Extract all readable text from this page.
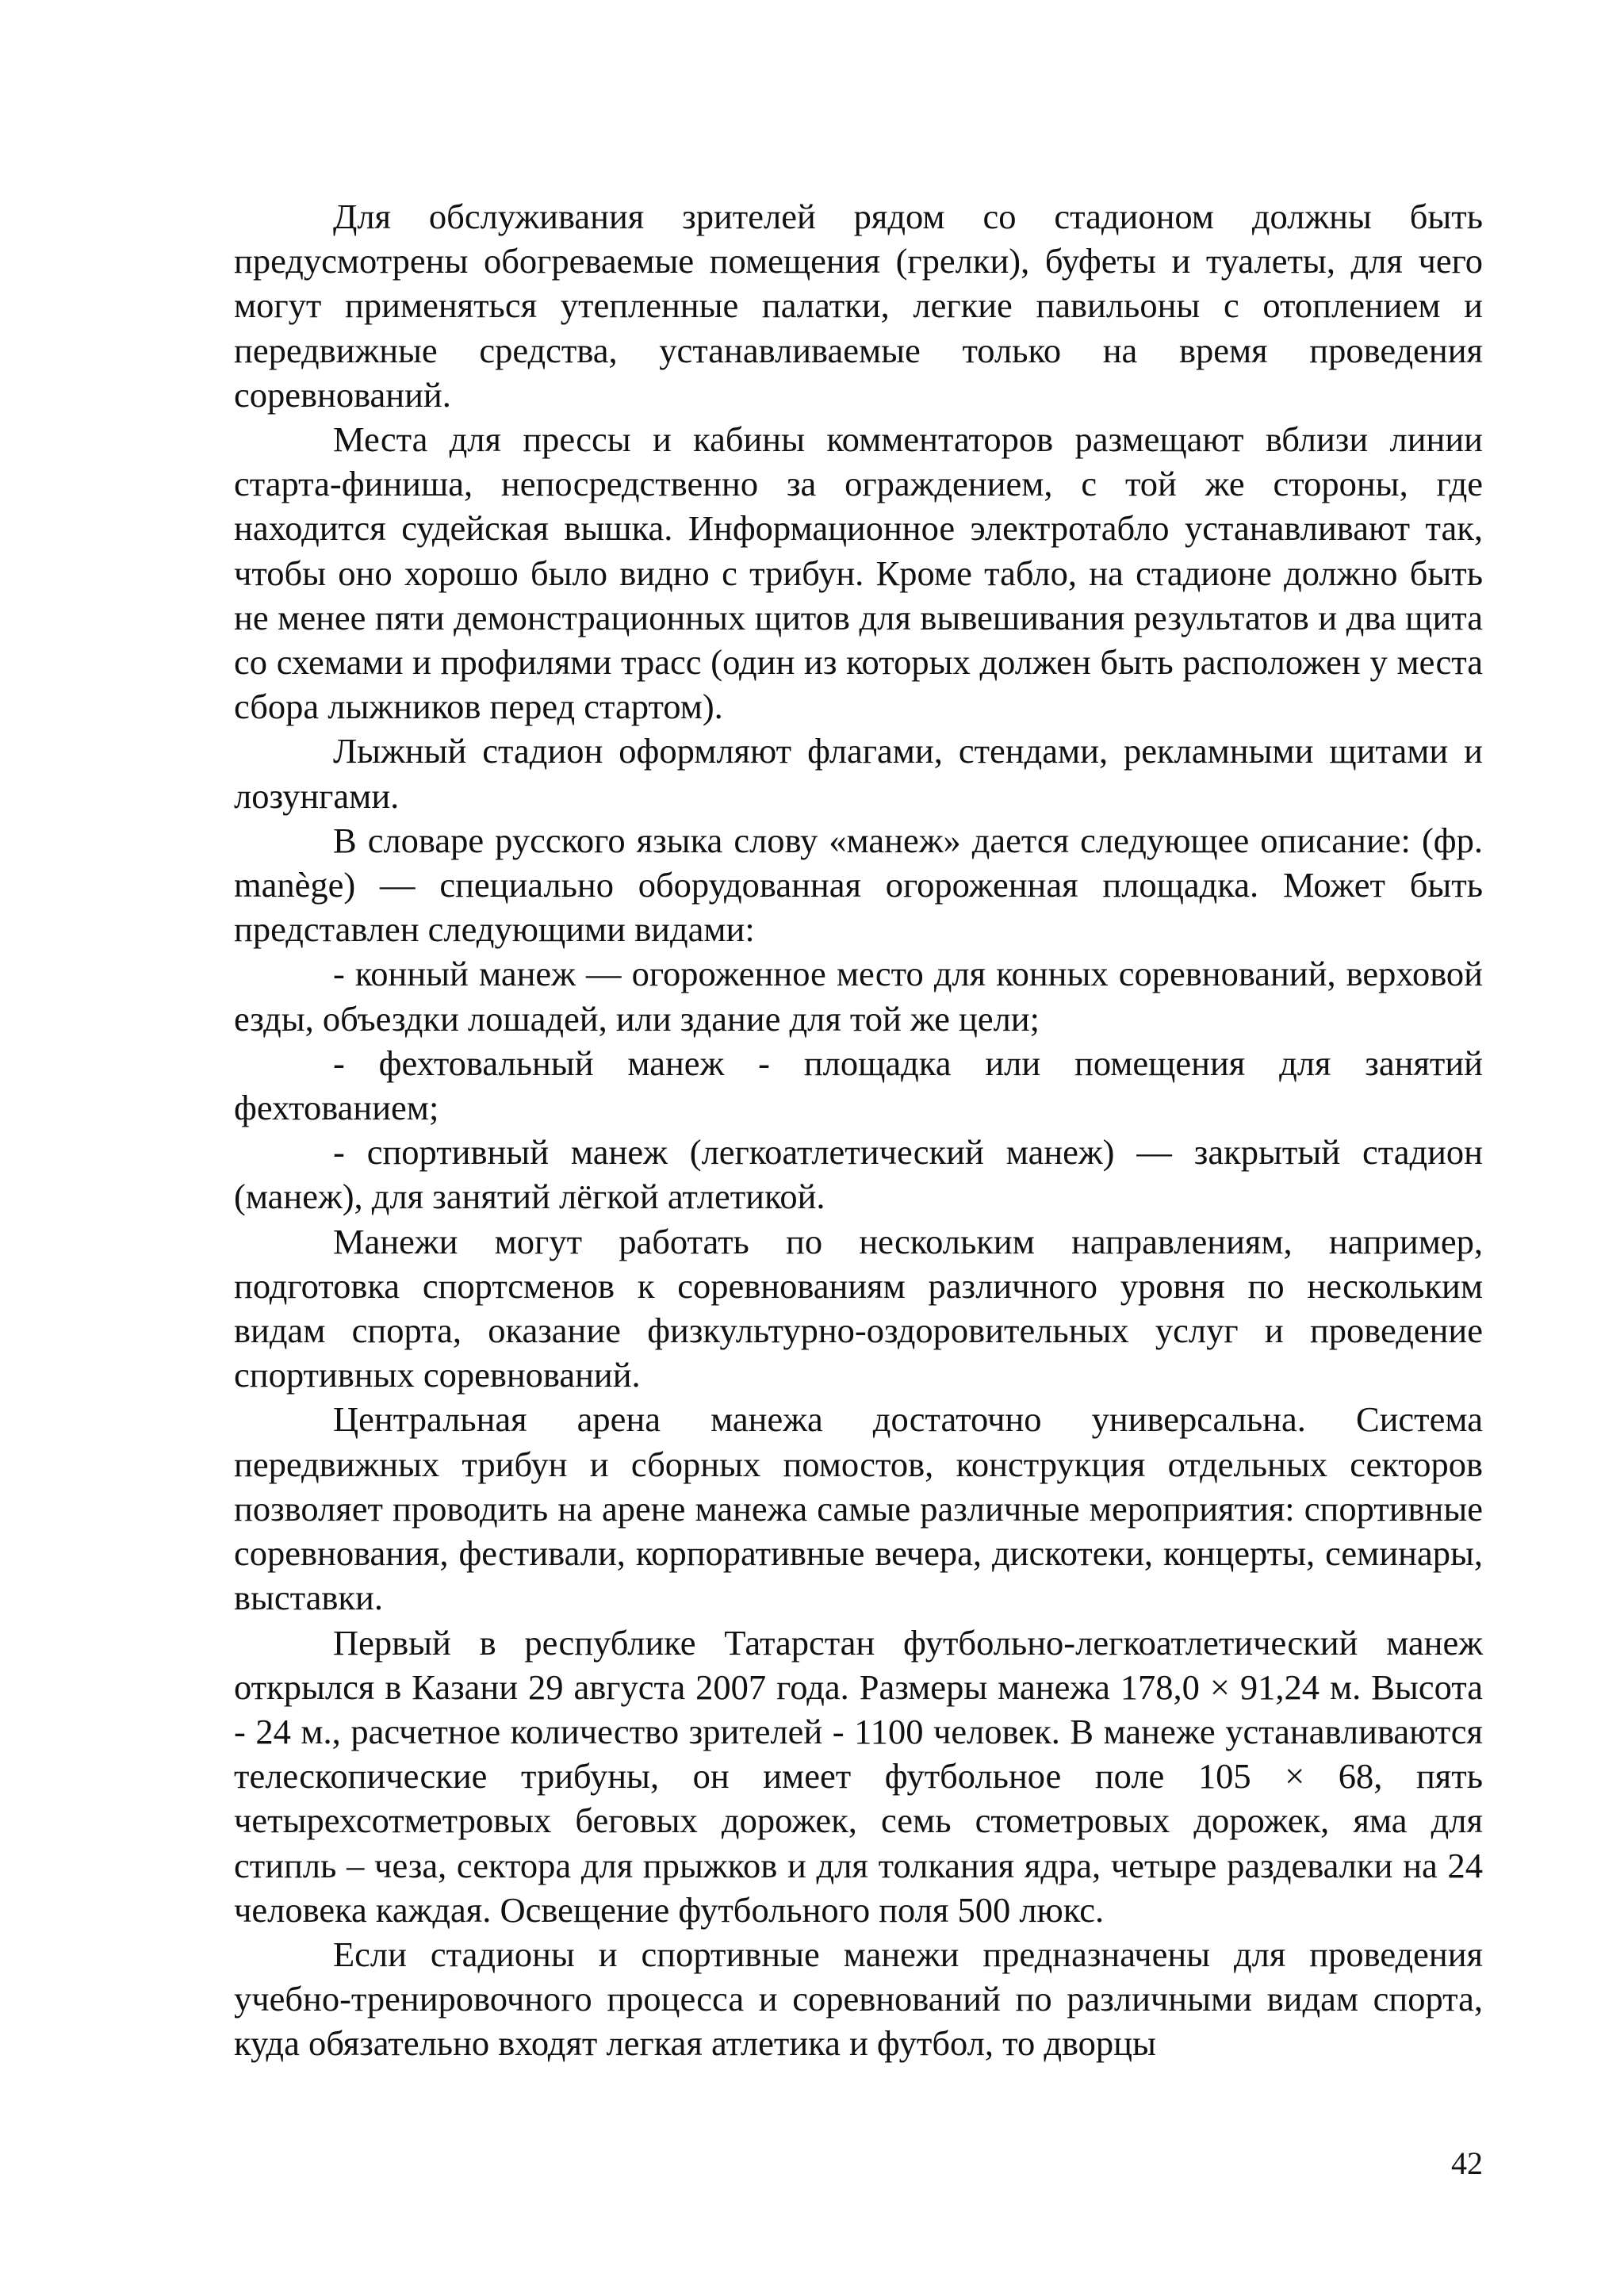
Для обслуживания зрителей рядом со стадионом должны быть предусмотрены обогреваемые помещения (грелки), буфеты и туалеты, для чего могут применяться утепленные палатки, легкие павильоны с отоплением и передвижные средства, устанавливаемые только на время проведения соревнований.

Места для прессы и кабины комментаторов размещают вблизи линии старта-финиша, непосредственно за ограждением, с той же стороны, где находится судейская вышка. Информационное электротабло устанавливают так, чтобы оно хорошо было видно с трибун. Кроме табло, на стадионе должно быть не менее пяти демонстрационных щитов для вывешивания результатов и два щита со схемами и профилями трасс (один из которых должен быть расположен у места сбора лыжников перед стартом).

Лыжный стадион оформляют флагами, стендами, рекламными щитами и лозунгами.

В словаре русского языка слову «манеж» дается следующее описание: (фр. manège) — специально оборудованная огороженная площадка. Может быть представлен следующими видами:

- конный манеж — огороженное место для конных соревнований, верховой езды, объездки лошадей, или здание для той же цели;

- фехтовальный манеж - площадка или помещения для занятий фехтованием;

- спортивный манеж (легкоатлетический манеж) — закрытый стадион (манеж), для занятий лёгкой атлетикой.

Манежи могут работать по нескольким направлениям, например, подготовка спортсменов к соревнованиям различного уровня по нескольким видам спорта, оказание физкультурно-оздоровительных услуг и проведение спортивных соревнований.

Центральная арена манежа достаточно универсальна. Система передвижных трибун и сборных помостов, конструкция отдельных секторов позволяет проводить на арене манежа самые различные мероприятия: спортивные соревнования, фестивали, корпоративные вечера, дискотеки, концерты, семинары, выставки.

Первый в республике Татарстан футбольно-легкоатлетический манеж открылся в Казани 29 августа 2007 года. Размеры манежа 178,0 × 91,24 м. Высота - 24 м., расчетное количество зрителей - 1100 человек. В манеже устанавливаются телескопические трибуны, он имеет футбольное поле 105 × 68, пять четырехсотметровых беговых дорожек, семь стометровых дорожек, яма для стипль – чеза, сектора для прыжков и для толкания ядра, четыре раздевалки на 24 человека каждая. Освещение футбольного поля 500 люкс.

Если стадионы и спортивные манежи предназначены для проведения учебно-тренировочного процесса и соревнований по различными видам спорта, куда обязательно входят легкая атлетика и футбол, то дворцы

42
